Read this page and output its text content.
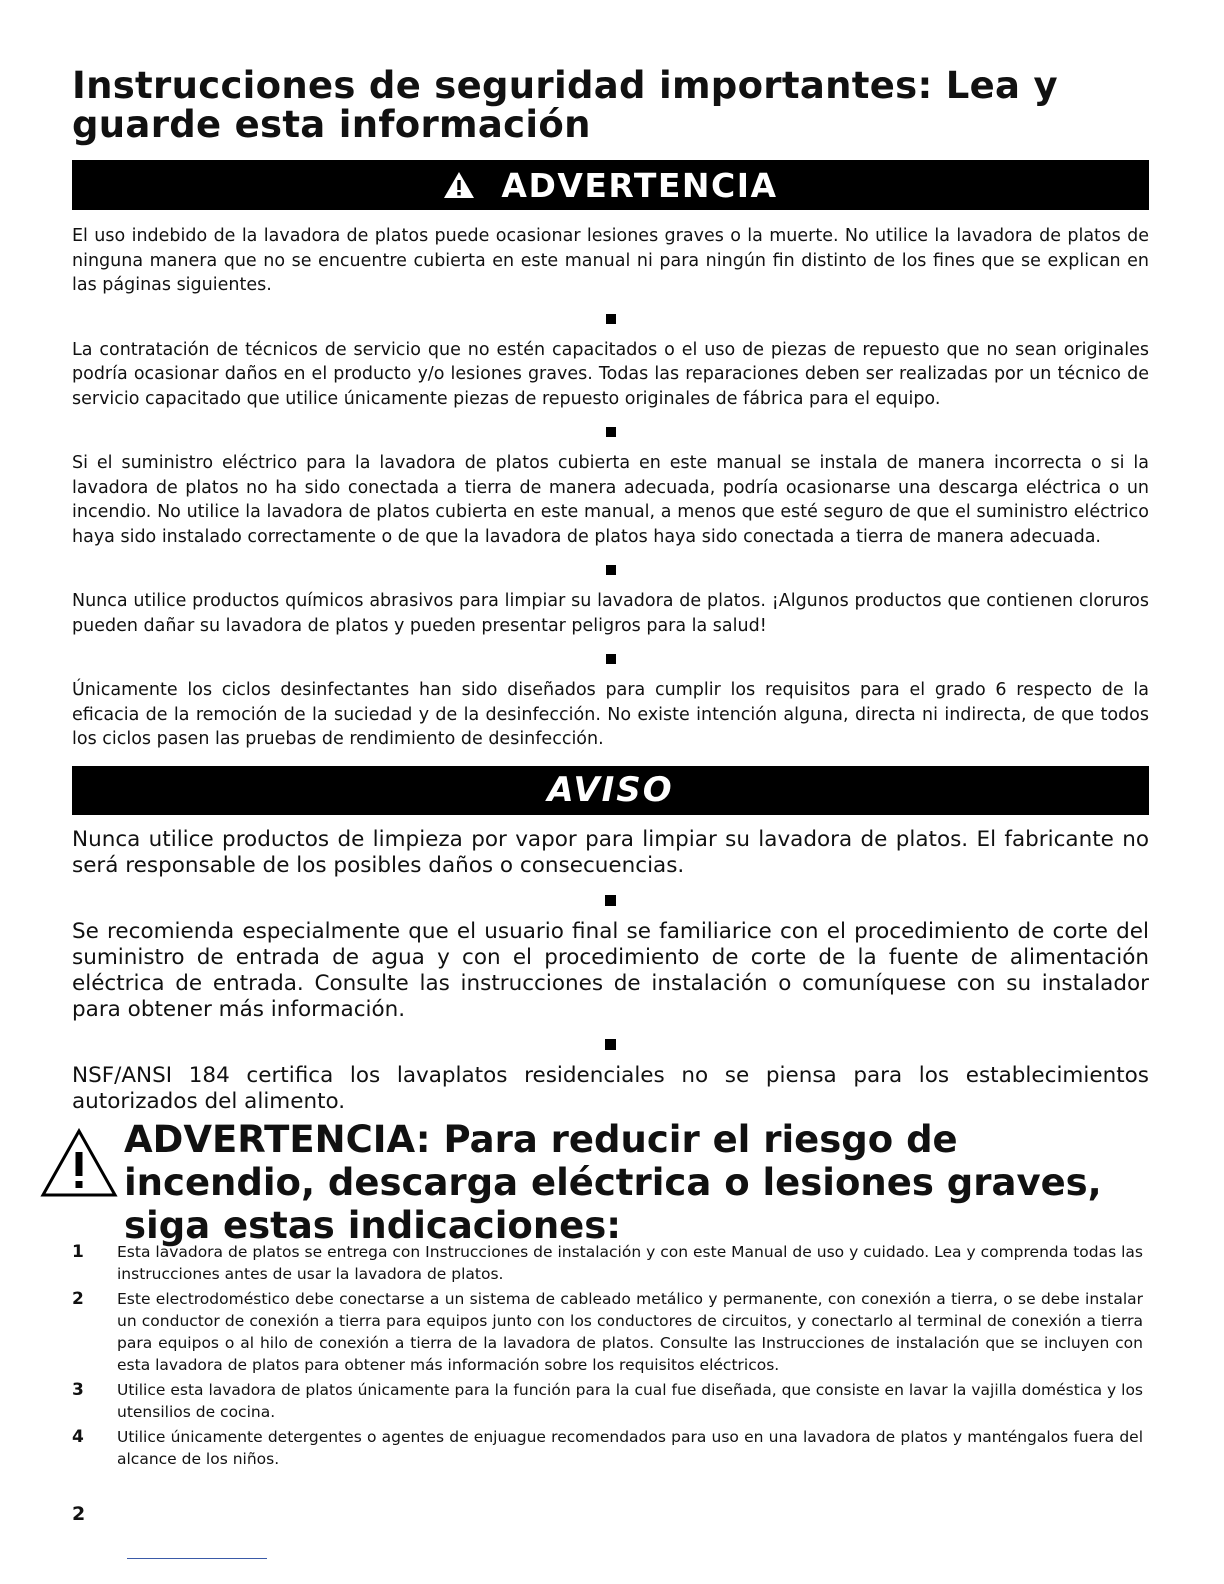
Instrucciones de seguridad importantes: Lea y guarde esta información
ADVERTENCIA

El uso indebido de la lavadora de platos puede ocasionar lesiones graves o la muerte. No utilice la lavadora de platos de ninguna manera que no se encuentre cubierta en este manual ni para ningún fin distinto de los fines que se explican en las páginas siguientes.

La contratación de técnicos de servicio que no estén capacitados o el uso de piezas de repuesto que no sean originales podría ocasionar daños en el producto y/o lesiones graves. Todas las reparaciones deben ser realizadas por un técnico de servicio capacitado que utilice únicamente piezas de repuesto originales de fábrica para el equipo.

Si el suministro eléctrico para la lavadora de platos cubierta en este manual se instala de manera incorrecta o si la lavadora de platos no ha sido conectada a tierra de manera adecuada, podría ocasionarse una descarga eléctrica o un incendio. No utilice la lavadora de platos cubierta en este manual, a menos que esté seguro de que el suministro eléctrico haya sido instalado correctamente o de que la lavadora de platos haya sido conectada a tierra de manera adecuada.

Nunca utilice productos químicos abrasivos para limpiar su lavadora de platos. ¡Algunos productos que contienen cloruros pueden dañar su lavadora de platos y pueden presentar peligros para la salud!

Únicamente los ciclos desinfectantes han sido diseñados para cumplir los requisitos para el grado 6 respecto de la eficacia de la remoción de la suciedad y de la desinfección. No existe intención alguna, directa ni indirecta, de que todos los ciclos pasen las pruebas de rendimiento de desinfección.

AVISO

Nunca utilice productos de limpieza por vapor para limpiar su lavadora de platos. El fabricante no será responsable de los posibles daños o consecuencias.

Se recomienda especialmente que el usuario final se familiarice con el procedimiento de corte del suministro de entrada de agua y con el procedimiento de corte de la fuente de alimentación eléctrica de entrada. Consulte las instrucciones de instalación o comuníquese con su instalador para obtener más información.

NSF/ANSI 184 certifica los lavaplatos residenciales no se piensa para los establecimientos autorizados del alimento.

ADVERTENCIA: Para reducir el riesgo de incendio, descarga eléctrica o lesiones graves, siga estas indicaciones:
1 Esta lavadora de platos se entrega con Instrucciones de instalación y con este Manual de uso y cuidado. Lea y comprenda todas las instrucciones antes de usar la lavadora de platos.
2 Este electrodoméstico debe conectarse a un sistema de cableado metálico y permanente, con conexión a tierra, o se debe instalar un conductor de conexión a tierra para equipos junto con los conductores de circuitos, y conectarlo al terminal de conexión a tierra para equipos o al hilo de conexión a tierra de la lavadora de platos. Consulte las Instrucciones de instalación que se incluyen con esta lavadora de platos para obtener más información sobre los requisitos eléctricos.
3 Utilice esta lavadora de platos únicamente para la función para la cual fue diseñada, que consiste en lavar la vajilla doméstica y los utensilios de cocina.
4 Utilice únicamente detergentes o agentes de enjuague recomendados para uso en una lavadora de platos y manténgalos fuera del alcance de los niños.
2
